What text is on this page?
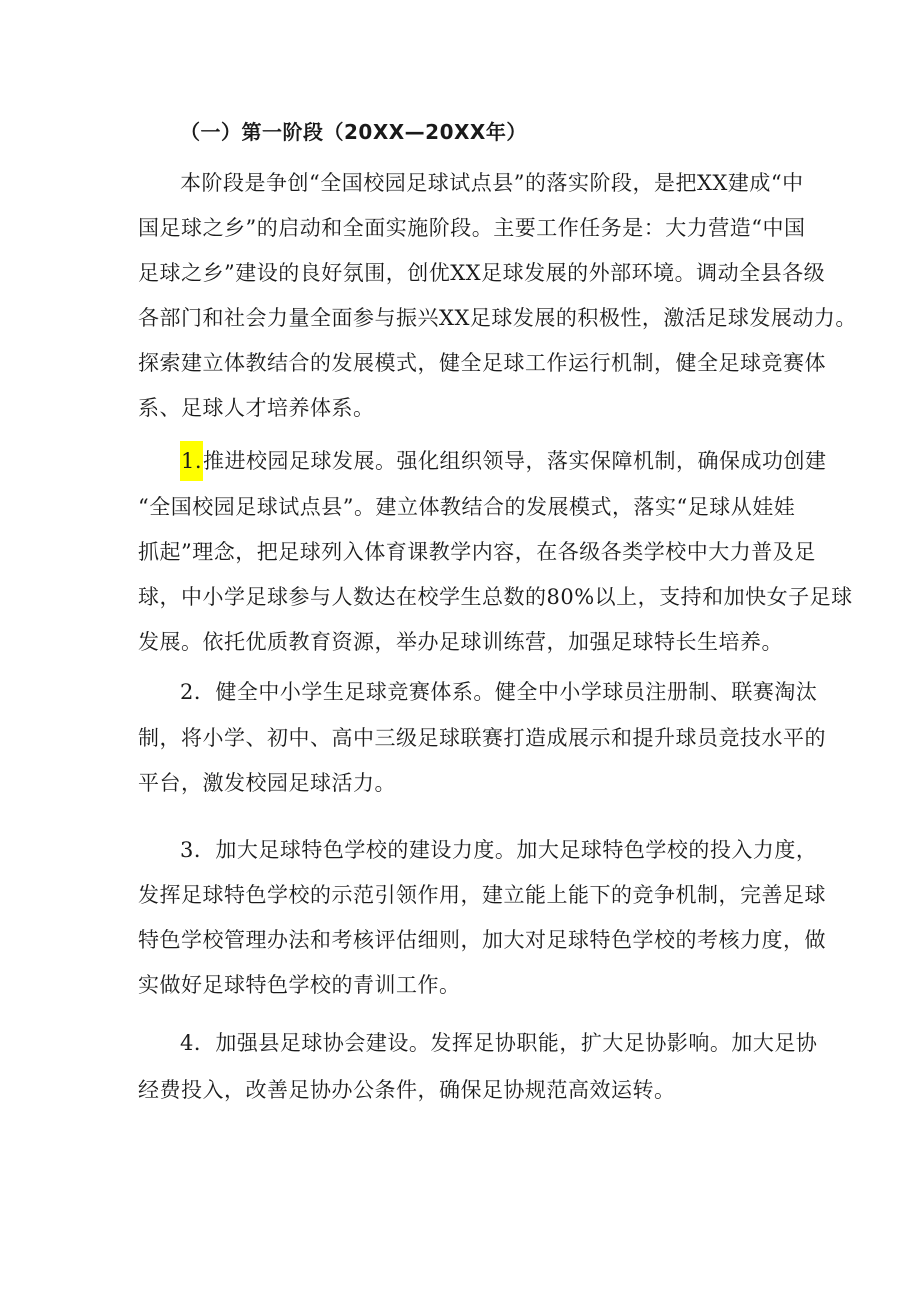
（一）第一阶段（20XX—20XX年）
本阶段是争创“全国校园足球试点县”的落实阶段，是把XX建成“中
国足球之乡”的启动和全面实施阶段。主要工作任务是：大力营造“中国
足球之乡”建设的良好氛围，创优XX足球发展的外部环境。调动全县各级
各部门和社会力量全面参与振兴XX足球发展的积极性，激活足球发展动力。
探索建立体教结合的发展模式，健全足球工作运行机制，健全足球竞赛体
系、足球人才培养体系。
1.推进校园足球发展。强化组织领导，落实保障机制，确保成功创建
“全国校园足球试点县”。建立体教结合的发展模式，落实“足球从娃娃
抓起”理念，把足球列入体育课教学内容，在各级各类学校中大力普及足
球，中小学足球参与人数达在校学生总数的80%以上，支持和加快女子足球
发展。依托优质教育资源，举办足球训练营，加强足球特长生培养。
2．健全中小学生足球竞赛体系。健全中小学球员注册制、联赛淘汰
制，将小学、初中、高中三级足球联赛打造成展示和提升球员竞技水平的
平台，激发校园足球活力。
3．加大足球特色学校的建设力度。加大足球特色学校的投入力度，
发挥足球特色学校的示范引领作用，建立能上能下的竞争机制，完善足球
特色学校管理办法和考核评估细则，加大对足球特色学校的考核力度，做
实做好足球特色学校的青训工作。
4．加强县足球协会建设。发挥足协职能，扩大足协影响。加大足协
经费投入，改善足协办公条件，确保足协规范高效运转。
